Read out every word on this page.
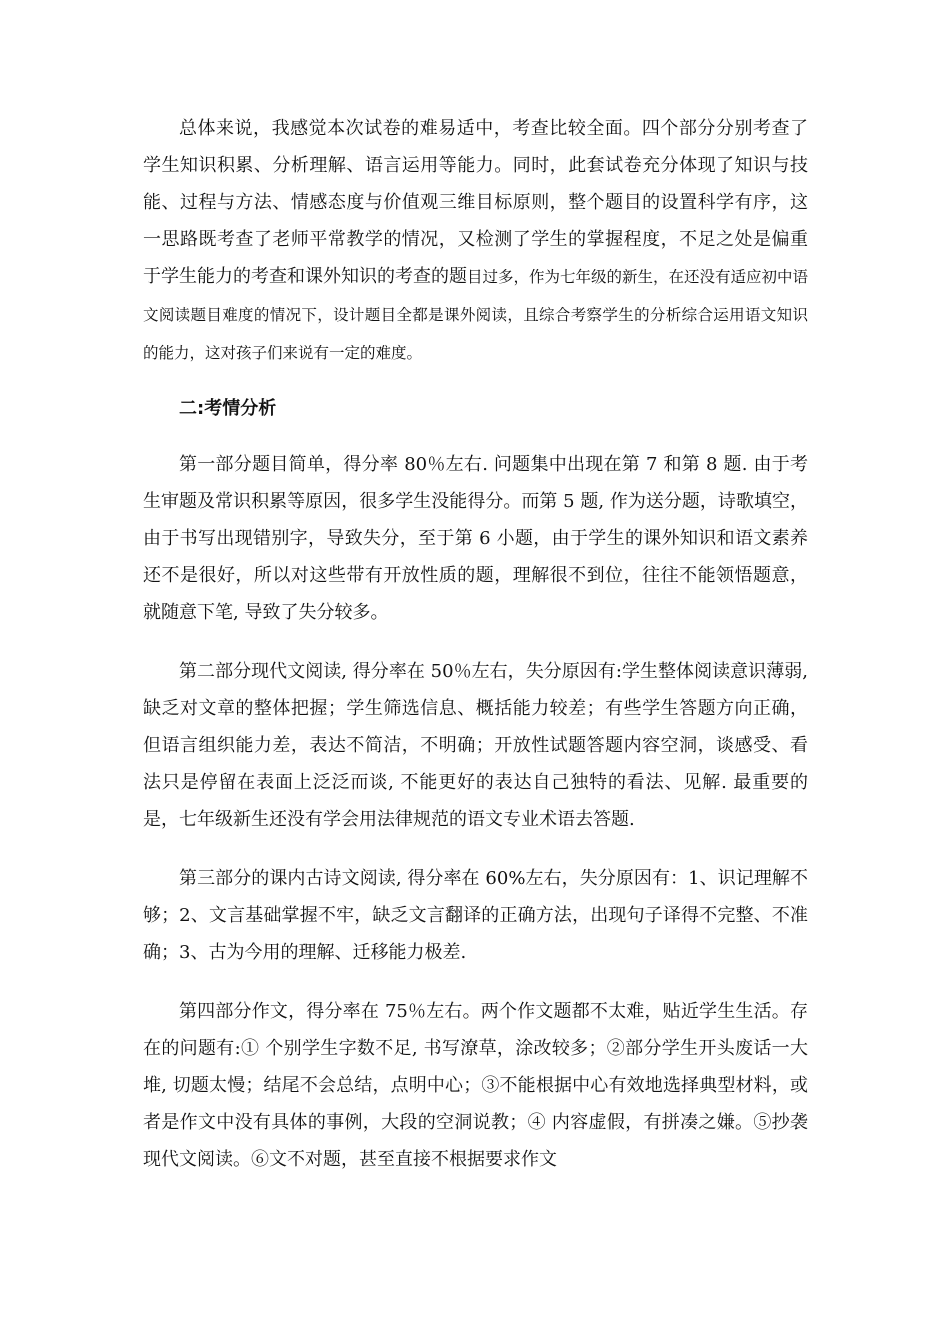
总体来说，我感觉本次试卷的难易适中，考查比较全面。四个部分分别考查了学生知识积累、分析理解、语言运用等能力。同时，此套试卷充分体现了知识与技能、过程与方法、情感态度与价值观三维目标原则，整个题目的设置科学有序，这一思路既考查了老师平常教学的情况，又检测了学生的掌握程度，不足之处是偏重于学生能力的考查和课外知识的考查的题目过多，作为七年级的新生，在还没有适应初中语文阅读题目难度的情况下，设计题目全都是课外阅读，且综合考察学生的分析综合运用语文知识的能力，这对孩子们来说有一定的难度。

二:考情分析

第一部分题目简单，得分率 80％左右. 问题集中出现在第 7 和第 8 题. 由于考生审题及常识积累等原因，很多学生没能得分。而第 5 题, 作为送分题，诗歌填空，由于书写出现错别字，导致失分，至于第 6 小题，由于学生的课外知识和语文素养还不是很好，所以对这些带有开放性质的题，理解很不到位，往往不能领悟题意，就随意下笔, 导致了失分较多。

第二部分现代文阅读, 得分率在 50％左右，失分原因有:学生整体阅读意识薄弱, 缺乏对文章的整体把握；学生筛选信息、概括能力较差；有些学生答题方向正确，但语言组织能力差，表达不简洁，不明确；开放性试题答题内容空洞，谈感受、看法只是停留在表面上泛泛而谈, 不能更好的表达自己独特的看法、见解. 最重要的是，七年级新生还没有学会用法律规范的语文专业术语去答题.

第三部分的课内古诗文阅读, 得分率在 60%左右，失分原因有：1、识记理解不够；2、文言基础掌握不牢，缺乏文言翻译的正确方法，出现句子译得不完整、不准确；3、古为今用的理解、迁移能力极差.

第四部分作文，得分率在 75％左右。两个作文题都不太难，贴近学生生活。存在的问题有:① 个别学生字数不足, 书写潦草，涂改较多；②部分学生开头废话一大堆, 切题太慢；结尾不会总结，点明中心；③不能根据中心有效地选择典型材料，或者是作文中没有具体的事例，大段的空洞说教；④ 内容虚假，有拼凑之嫌。⑤抄袭现代文阅读。⑥文不对题，甚至直接不根据要求作文
